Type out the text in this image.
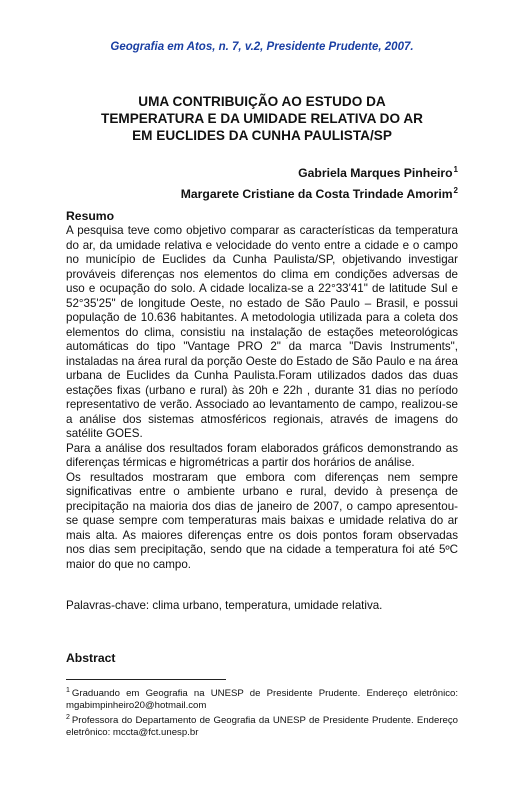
Geografia em Atos, n. 7, v.2, Presidente Prudente, 2007.
UMA CONTRIBUIÇÃO AO ESTUDO DA
TEMPERATURA E DA UMIDADE RELATIVA DO AR
EM EUCLIDES DA CUNHA PAULISTA/SP
Gabriela Marques Pinheiro$^1$
Margarete Cristiane da Costa Trindade Amorim$^2$
Resumo

A pesquisa teve como objetivo comparar as características da temperatura do ar, da umidade relativa e velocidade do vento entre a cidade e o campo no município de Euclides da Cunha Paulista/SP, objetivando investigar prováveis diferenças nos elementos do clima em condições adversas de uso e ocupação do solo. A cidade localiza-se a 22°33'41" de latitude Sul e 52°35'25" de longitude Oeste, no estado de São Paulo – Brasil, e possui população de 10.636 habitantes. A metodologia utilizada para a coleta dos elementos do clima, consistiu na instalação de estações meteorológicas automáticas do tipo "Vantage PRO 2" da marca "Davis Instruments", instaladas na área rural da porção Oeste do Estado de São Paulo e na área urbana de Euclides da Cunha Paulista.Foram utilizados dados das duas estações fixas (urbano e rural) às 20h e 22h , durante 31 dias no período representativo de verão. Associado ao levantamento de campo, realizou-se a análise dos sistemas atmosféricos regionais, através de imagens do satélite GOES.

Para a análise dos resultados foram elaborados gráficos demonstrando as diferenças térmicas e higrométricas a partir dos horários de análise.

Os resultados mostraram que embora com diferenças nem sempre significativas entre o ambiente urbano e rural, devido à presença de precipitação na maioria dos dias de janeiro de 2007, o campo apresentou-se quase sempre com temperaturas mais baixas e umidade relativa do ar mais alta. As maiores diferenças entre os dois pontos foram observadas nos dias sem precipitação, sendo que na cidade a temperatura foi até 5ºC maior do que no campo.

Palavras-chave: clima urbano, temperatura, umidade relativa.
Abstract

$^1$ Graduando em Geografia na UNESP de Presidente Prudente. Endereço eletrônico: mgabimpinheiro20@hotmail.com

$^2$ Professora do Departamento de Geografia da UNESP de Presidente Prudente. Endereço eletrônico: mccta@fct.unesp.br
